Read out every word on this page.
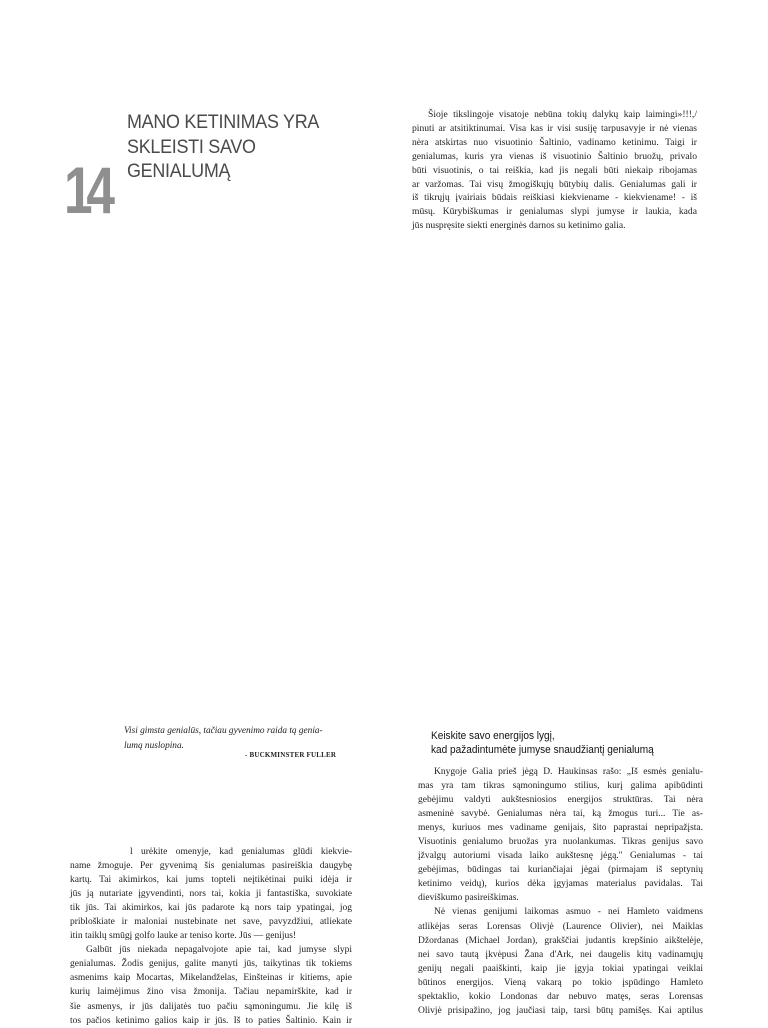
14
MANO KETINIMAS YRA
SKLEISTI SAVO
GENIALUMĄ
Šioje tikslingoje visatoje nebūna tokių dalykų kaip laimingi»!!!,/
pinuti ar atsitiktinumai. Visa kas ir visi susiję tarpusavyje ir nė vienas
nėra atskirtas nuo visuotinio Šaltinio, vadinamo ketinimu. Taigi ir
genialumas, kuris yra vienas iš visuotinio Šaltinio bruožų, privalo
būti visuotinis, o tai reiškia, kad jis negali būti niekaip ribojamas
ar varžomas. Tai visų žmogiškųjų būtybių dalis. Genialumas gali ir
iš tikrųjų įvairiais būdais reiškiasi kiekviename - kiekviename! - iš
mūsų. Kūrybiškumas ir genialumas slypi jumyse ir laukia, kada
jūs nuspręsite siekti energinės darnos su ketinimo galia.
Visi gimsta genialūs, tačiau gyvenimo raida tą genia-
lumą nuslopina.
- BUCKMINSTER FULLER
Keiskite savo energijos lygį,
kad pažadintumėte jumyse snaudžiantį genialumą
Knygoje Galia prieš jėgą D. Haukinsas rašo: „Iš esmės genialu-
mas yra tam tikras sąmoningumo stilius, kurį galima apibūdinti
gebėjimu valdyti aukštesniosios energijos struktūras. Tai nėra
asmeninė savybė. Genialumas nėra tai, ką žmogus turi... Tie as-
menys, kuriuos mes vadiname genijais, šito paprastai nepripažįsta.
Visuotinis genialumo bruožas yra nuolankumas. Tikras genijus savo
įžvalgų autoriumi visada laiko aukštesnę jėgą." Genialumas - tai
gebėjimas, būdingas tai kuriančiajai jėgai (pirmajam iš septynių
ketinimo veidų), kurios dėka įgyjamas materialus pavidalas. Tai
dieviškumo pasireiškimas.
Nė vienas genijumi laikomas asmuo - nei Hamleto vaidmens
atlikėjas seras Lorensas Olivjė (Laurence Olivier), nei Maiklas
Džordanas (Michael Jordan), grakščiai judantis krepšinio aikštelėje,
nei savo tautą įkvėpusi Žana d'Ark, nei daugelis kitų vadinamųjų
genijų negali paaiškinti, kaip jie įgyja tokiai ypatingai veiklai
būtinos energijos. Vieną vakarą po tokio įspūdingo Hamleto
spektaklio, kokio Londonas dar nebuvo matęs, seras Lorensas
Olivjė prisipažino, jog jaučiasi taip, tarsi būtų pamišęs. Kai aptilus
l urėkite omenyje, kad genialumas glūdi kiekvie-
name žmoguje. Per gyvenimą šis genialumas pasireiškia daugybę
kartų. Tai akimirkos, kai jums topteli neįtikėtinai puiki idėja ir
jūs ją nutariate įgyvendinti, nors tai, kokia ji fantastiška, suvokiate
tik jūs. Tai akimirkos, kai jūs padarote ką nors taip ypatingai, jog
pribloškiate ir maloniai nustebinate net save, pavyzdžiui, atliekate
itin taiklų smūgį golfo lauke ar teniso korte. Jūs — genijus!
Galbūt jūs niekada nepagalvojote apie tai, kad jumyse slypi
genialumas. Žodis genijus, galite manyti jūs, taikytinas tik tokiems
asmenims kaip Mocartas, Mikelandželas, Einšteinas ir kitiems, apie
kurių laimėjimus žino visa žmonija. Tačiau nepamirškite, kad ir
šie asmenys, ir jūs dalijatės tuo pačiu sąmoningumu. Jie kilę iš
tos pačios ketinimo galios kaip ir jūs. Iš to paties Šaltinio. Kain ir
